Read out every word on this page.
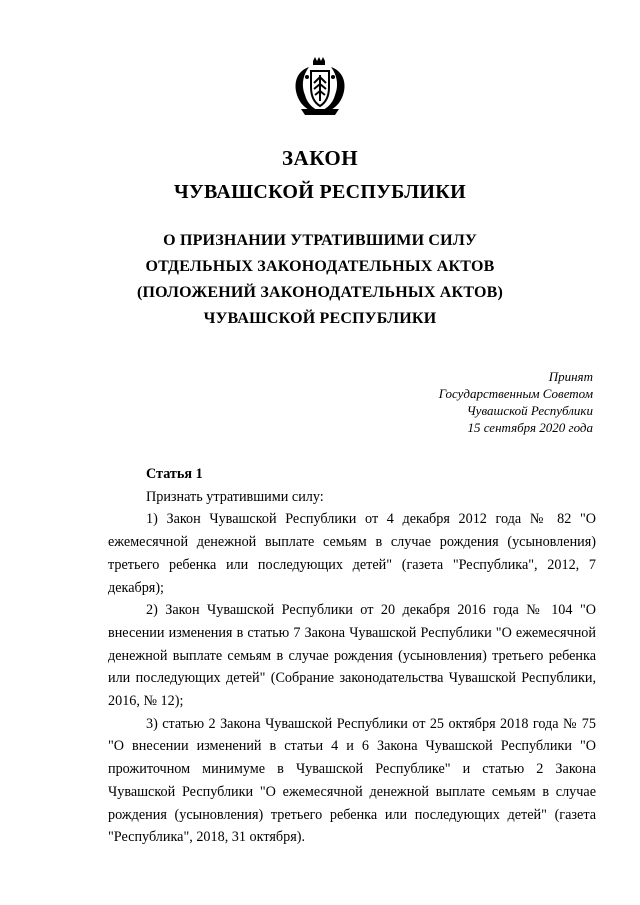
ЗАКОН
ЧУВАШСКОЙ РЕСПУБЛИКИ
О ПРИЗНАНИИ УТРАТИВШИМИ СИЛУ
ОТДЕЛЬНЫХ ЗАКОНОДАТЕЛЬНЫХ АКТОВ
(ПОЛОЖЕНИЙ ЗАКОНОДАТЕЛЬНЫХ АКТОВ)
ЧУВАШСКОЙ РЕСПУБЛИКИ
Принят
Государственным Советом
Чувашской Республики
15 сентября 2020 года
Статья 1
Признать утратившими силу:

1) Закон Чувашской Республики от 4 декабря 2012 года № 82 "О ежемесячной денежной выплате семьям в случае рождения (усыновления) третьего ребенка или последующих детей" (газета "Республика", 2012, 7 декабря);

2) Закон Чувашской Республики от 20 декабря 2016 года № 104 "О внесении изменения в статью 7 Закона Чувашской Республики "О ежемесячной денежной выплате семьям в случае рождения (усыновления) третьего ребенка или последующих детей" (Собрание законодательства Чувашской Республики, 2016, № 12);

3) статью 2 Закона Чувашской Республики от 25 октября 2018 года № 75 "О внесении изменений в статьи 4 и 6 Закона Чувашской Республики "О прожиточном минимуме в Чувашской Республике" и статью 2 Закона Чувашской Республики "О ежемесячной денежной выплате семьям в случае рождения (усыновления) третьего ребенка или последующих детей" (газета "Республика", 2018, 31 октября).
